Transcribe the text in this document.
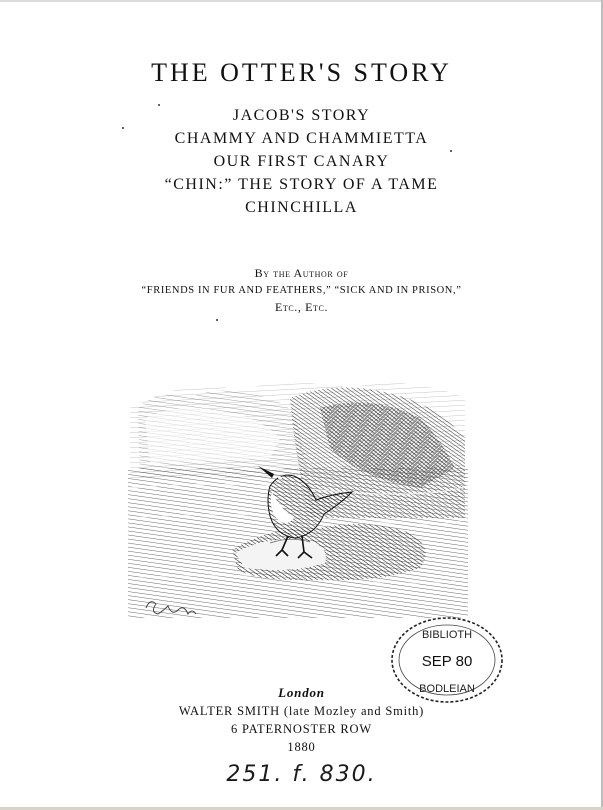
THE OTTER'S STORY
JACOB'S STORY
CHAMMY AND CHAMMIETTA
OUR FIRST CANARY
“CHIN:” THE STORY OF A TAME
CHINCHILLA
By the Author of
“FRIENDS IN FUR AND FEATHERS,” “SICK AND IN PRISON,”
Etc., Etc.
BIBLIOTH
SEP 80
BODLEIAN
London
WALTER SMITH (late Mozley and Smith)
6 PATERNOSTER ROW
1880
251. f. 830.
